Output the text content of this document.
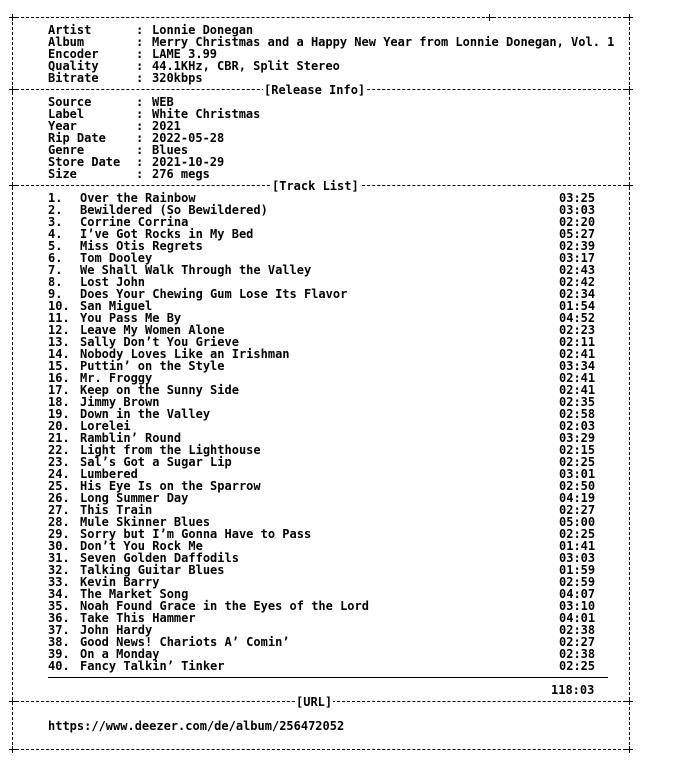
Artist	: Lonnie Donegan
Album	: Merry Christmas and a Happy New Year from Lonnie Donegan, Vol. 1
Encoder	: LAME 3.99
Quality	: 44.1KHz, CBR, Split Stereo
Bitrate	: 320kbps
[Release Info]
Source	: WEB
Label	: White Christmas
Year	: 2021
Rip Date	: 2022-05-28
Genre	: Blues
Store Date : 2021-10-29
Size	: 276 megs
[Track List]
1. Over the Rainbow	03:25
2. Bewildered (So Bewildered)	03:03
3. Corrine Corrina	02:20
4. I’ve Got Rocks in My Bed	05:27
5. Miss Otis Regrets	02:39
6. Tom Dooley	03:17
7. We Shall Walk Through the Valley	02:43
8. Lost John	02:42
9. Does Your Chewing Gum Lose Its Flavor	02:34
10. San Miguel	01:54
11. You Pass Me By	04:52
12. Leave My Women Alone	02:23
13. Sally Don’t You Grieve	02:11
14. Nobody Loves Like an Irishman	02:41
15. Puttin’ on the Style	03:34
16. Mr. Froggy	02:41
17. Keep on the Sunny Side	02:41
18. Jimmy Brown	02:35
19. Down in the Valley	02:58
20. Lorelei	02:03
21. Ramblin’ Round	03:29
22. Light from the Lighthouse	02:15
23. Sal’s Got a Sugar Lip	02:25
24. Lumbered	03:01
25. His Eye Is on the Sparrow	02:50
26. Long Summer Day	04:19
27. This Train	02:27
28. Mule Skinner Blues	05:00
29. Sorry but I’m Gonna Have to Pass	02:25
30. Don’t You Rock Me	01:41
31. Seven Golden Daffodils	03:03
32. Talking Guitar Blues	01:59
33. Kevin Barry	02:59
34. The Market Song	04:07
35. Noah Found Grace in the Eyes of the Lord	03:10
36. Take This Hammer	04:01
37. John Hardy	02:38
38. Good News! Chariots A’ Comin’	02:27
39. On a Monday	02:38
40. Fancy Talkin’ Tinker	02:25
118:03
[URL]
https://www.deezer.com/de/album/256472052
